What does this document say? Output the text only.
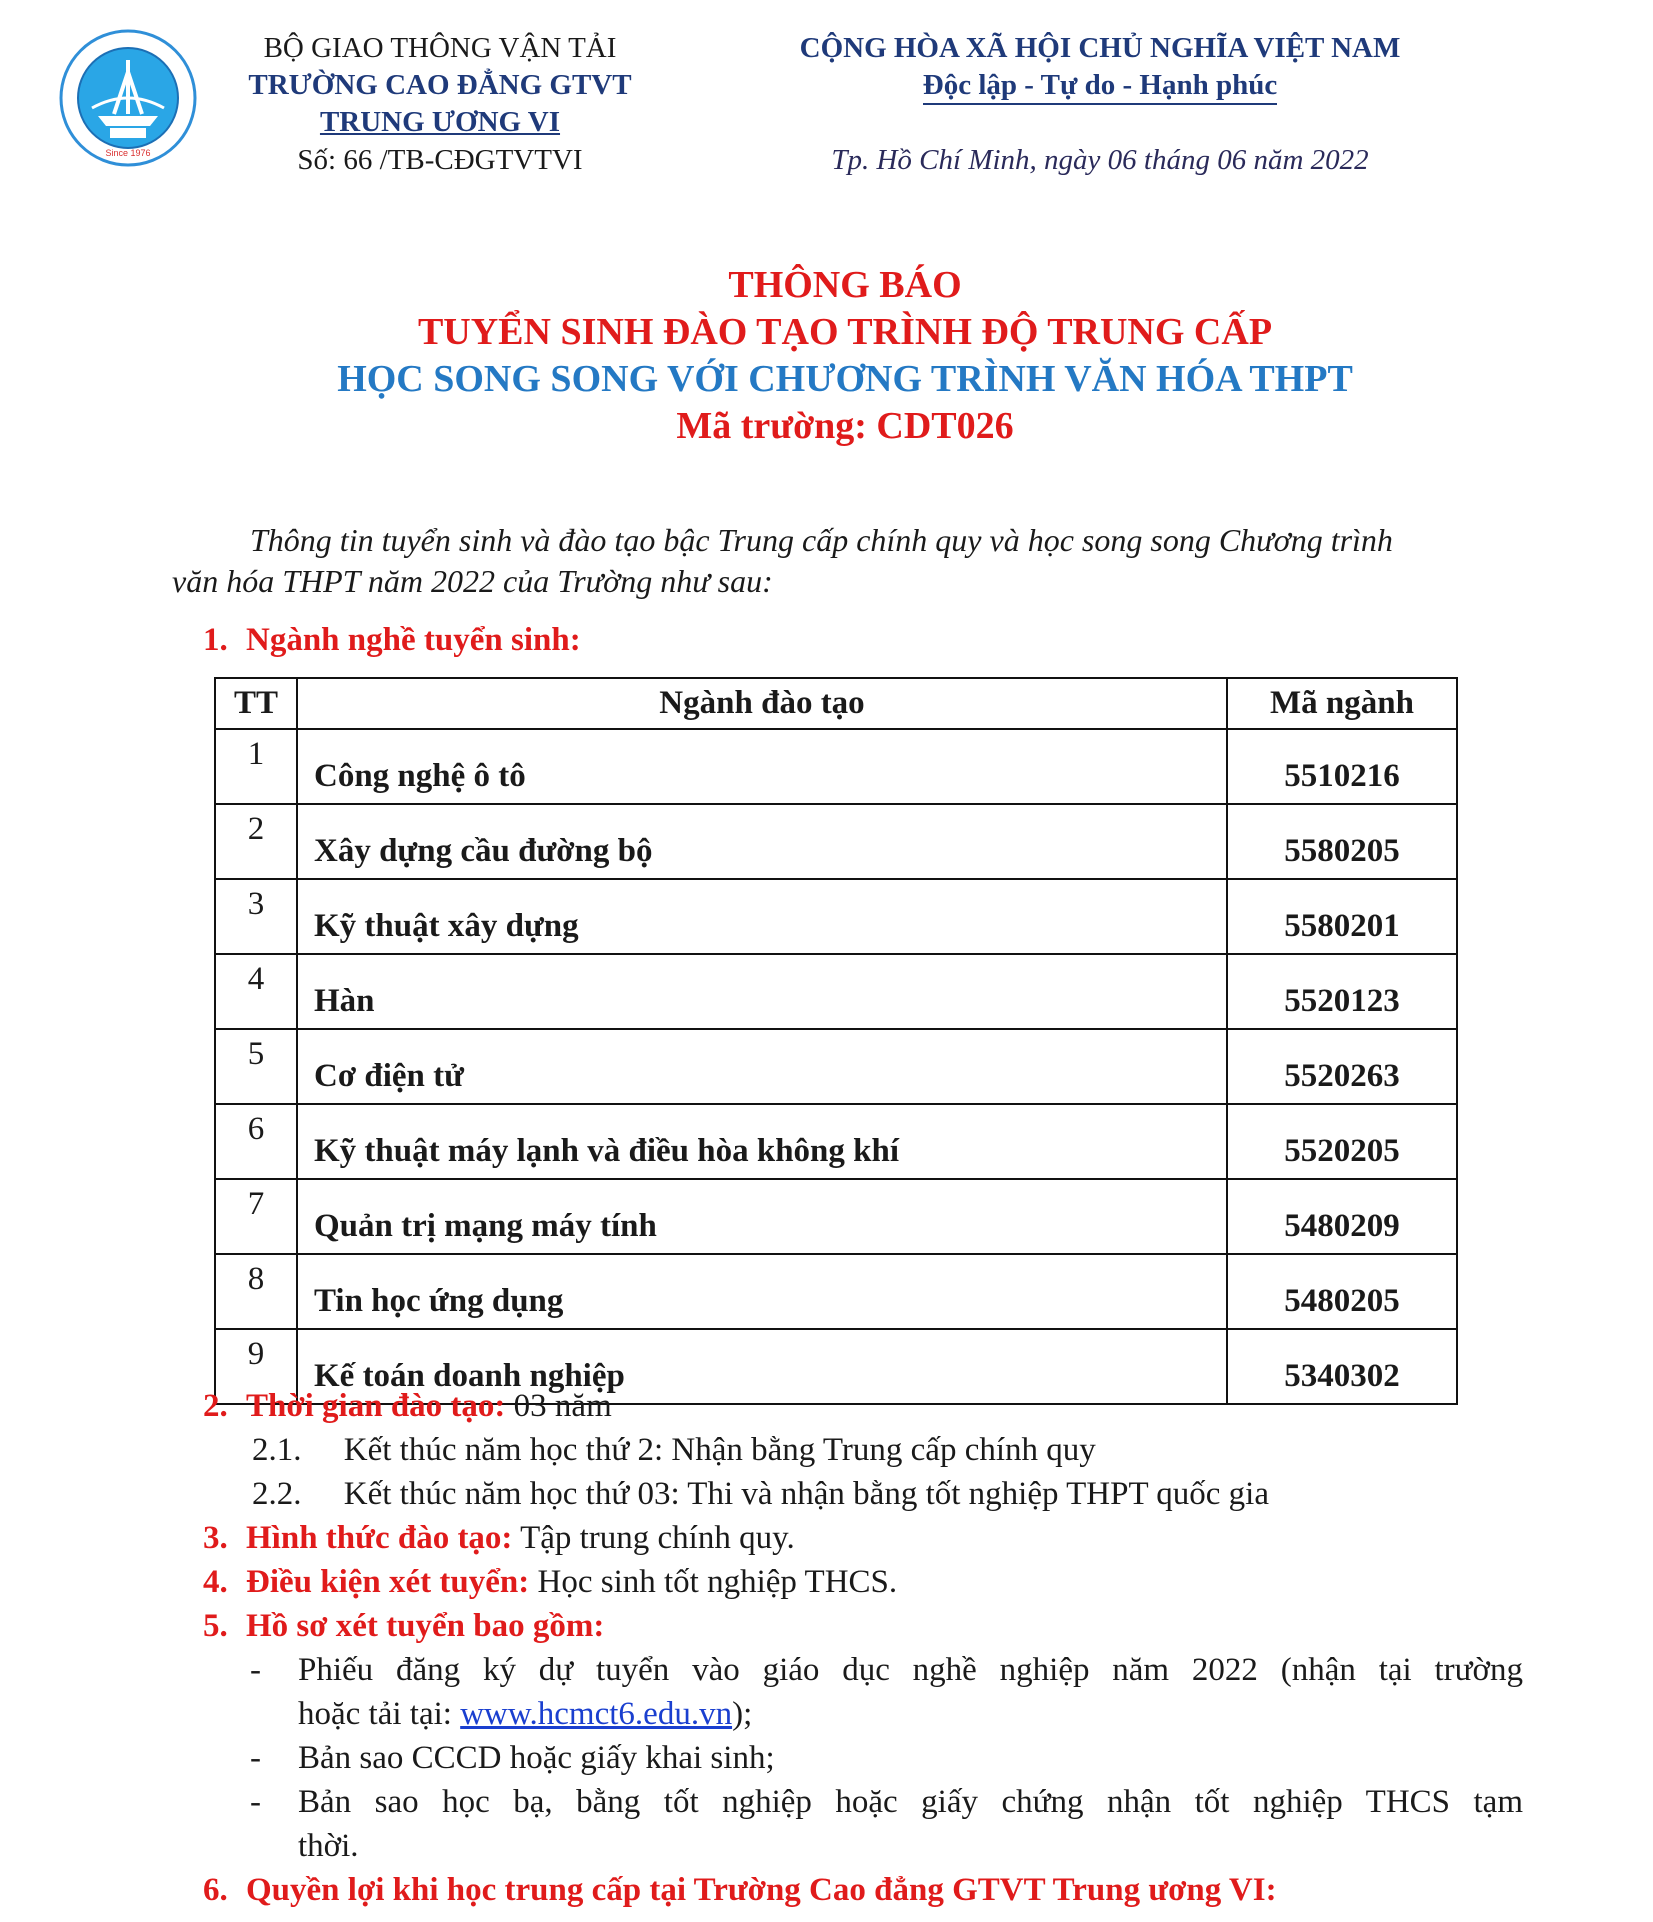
Since 1976
BỘ GIAO THÔNG VẬN TẢI
TRƯỜNG CAO ĐẲNG GTVT
TRUNG ƯƠNG VI
Số: 66 /TB-CĐGTVTVI
CỘNG HÒA XÃ HỘI CHỦ NGHĨA VIỆT NAM
Độc lập - Tự do - Hạnh phúc
Tp. Hồ Chí Minh, ngày 06 tháng 06 năm 2022
THÔNG BÁO
TUYỂN SINH ĐÀO TẠO TRÌNH ĐỘ TRUNG CẤP
HỌC SONG SONG VỚI CHƯƠNG TRÌNH VĂN HÓA THPT
Mã trường: CDT026
Thông tin tuyển sinh và đào tạo bậc Trung cấp chính quy và học song song Chương trình
văn hóa THPT năm 2022 của Trường như sau:
1. Ngành nghề tuyển sinh:
TT	Ngành đào tạo	Mã ngành
1	Công nghệ ô tô	5510216
2	Xây dựng cầu đường bộ	5580205
3	Kỹ thuật xây dựng	5580201
4	Hàn	5520123
5	Cơ điện tử	5520263
6	Kỹ thuật máy lạnh và điều hòa không khí	5520205
7	Quản trị mạng máy tính	5480209
8	Tin học ứng dụng	5480205
9	Kế toán doanh nghiệp	5340302
2. Thời gian đào tạo: 03 năm
2.1. Kết thúc năm học thứ 2: Nhận bằng Trung cấp chính quy
2.2. Kết thúc năm học thứ 03: Thi và nhận bằng tốt nghiệp THPT quốc gia
3. Hình thức đào tạo: Tập trung chính quy.
4. Điều kiện xét tuyển: Học sinh tốt nghiệp THCS.
5. Hồ sơ xét tuyển bao gồm:
- Phiếu đăng ký dự tuyển vào giáo dục nghề nghiệp năm 2022 (nhận tại trường
hoặc tải tại: www.hcmct6.edu.vn);
- Bản sao CCCD hoặc giấy khai sinh;
- Bản sao học bạ, bằng tốt nghiệp hoặc giấy chứng nhận tốt nghiệp THCS tạm
thời.
6. Quyền lợi khi học trung cấp tại Trường Cao đẳng GTVT Trung ương VI:
